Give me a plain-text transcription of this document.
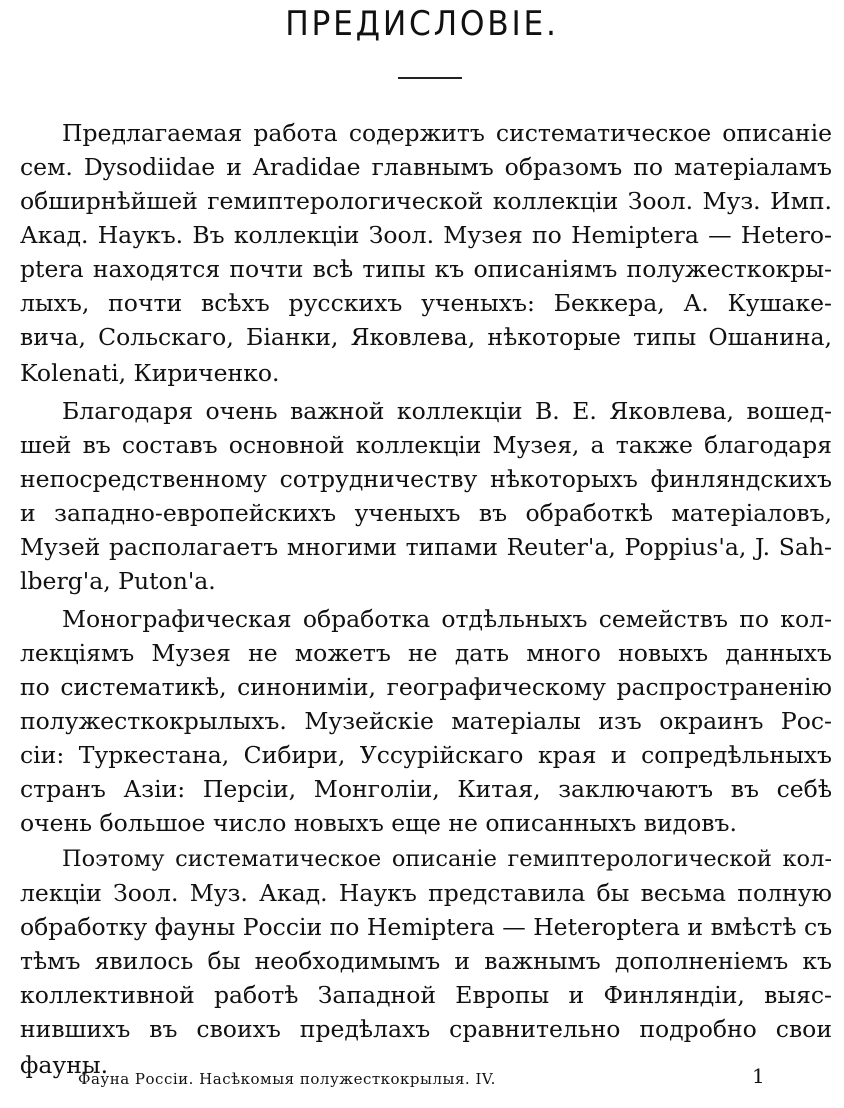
ПРЕДИСЛОВIЕ.
Предлагаемая работа содержитъ систематическое описанiе
сем. Dysodiidae и Aradidae главнымъ образомъ по матерiаламъ
обширнѣйшей гемиптерологической коллекцiи Зоол. Муз. Имп.
Акад. Наукъ. Въ коллекцiи Зоол. Музея по Hemiptera — Hetero-
ptera находятся почти всѣ типы къ описанiямъ полужесткокры-
лыхъ, почти всѣхъ русскихъ ученыхъ: Беккера, А. Кушаке-
вича, Сольскаго, Бiанки, Яковлева, нѣкоторые типы Ошанина,
Kolenati, Кириченко.
Благодаря очень важной коллекцiи В. Е. Яковлева, вошед-
шей въ составъ основной коллекцiи Музея, а также благодаря
непосредственному сотрудничеству нѣкоторыхъ финляндскихъ
и западно-европейскихъ ученыхъ въ обработкѣ матерiаловъ,
Музей располагаетъ многими типами Reuter'a, Poppius'a, J. Sah-
lberg'a, Puton'a.
Монографическая обработка отдѣльныхъ семействъ по кол-
лекцiямъ Музея не можетъ не дать много новыхъ данныхъ
по систематикѣ, синонимiи, географическому распространенiю
полужесткокрылыхъ. Музейскiе матерiалы изъ окраинъ Рос-
сiи: Туркестана, Сибири, Уссурiйскаго края и сопредѣльныхъ
странъ Азiи: Персiи, Монголiи, Китая, заключаютъ въ себѣ
очень большое число новыхъ еще не описанныхъ видовъ.
Поэтому систематическое описанiе гемиптерологической кол-
лекцiи Зоол. Муз. Акад. Наукъ представила бы весьма полную
обработку фауны Россiи по Hemiptera — Heteroptera и вмѣстѣ съ
тѣмъ явилось бы необходимымъ и важнымъ дополненiемъ къ
коллективной работѣ Западной Европы и Финляндiи, выяс-
нившихъ въ своихъ предѣлахъ сравнительно подробно свои
фауны.
Фауна Россiи. Насѣкомыя полужесткокрылыя. IV.	1
